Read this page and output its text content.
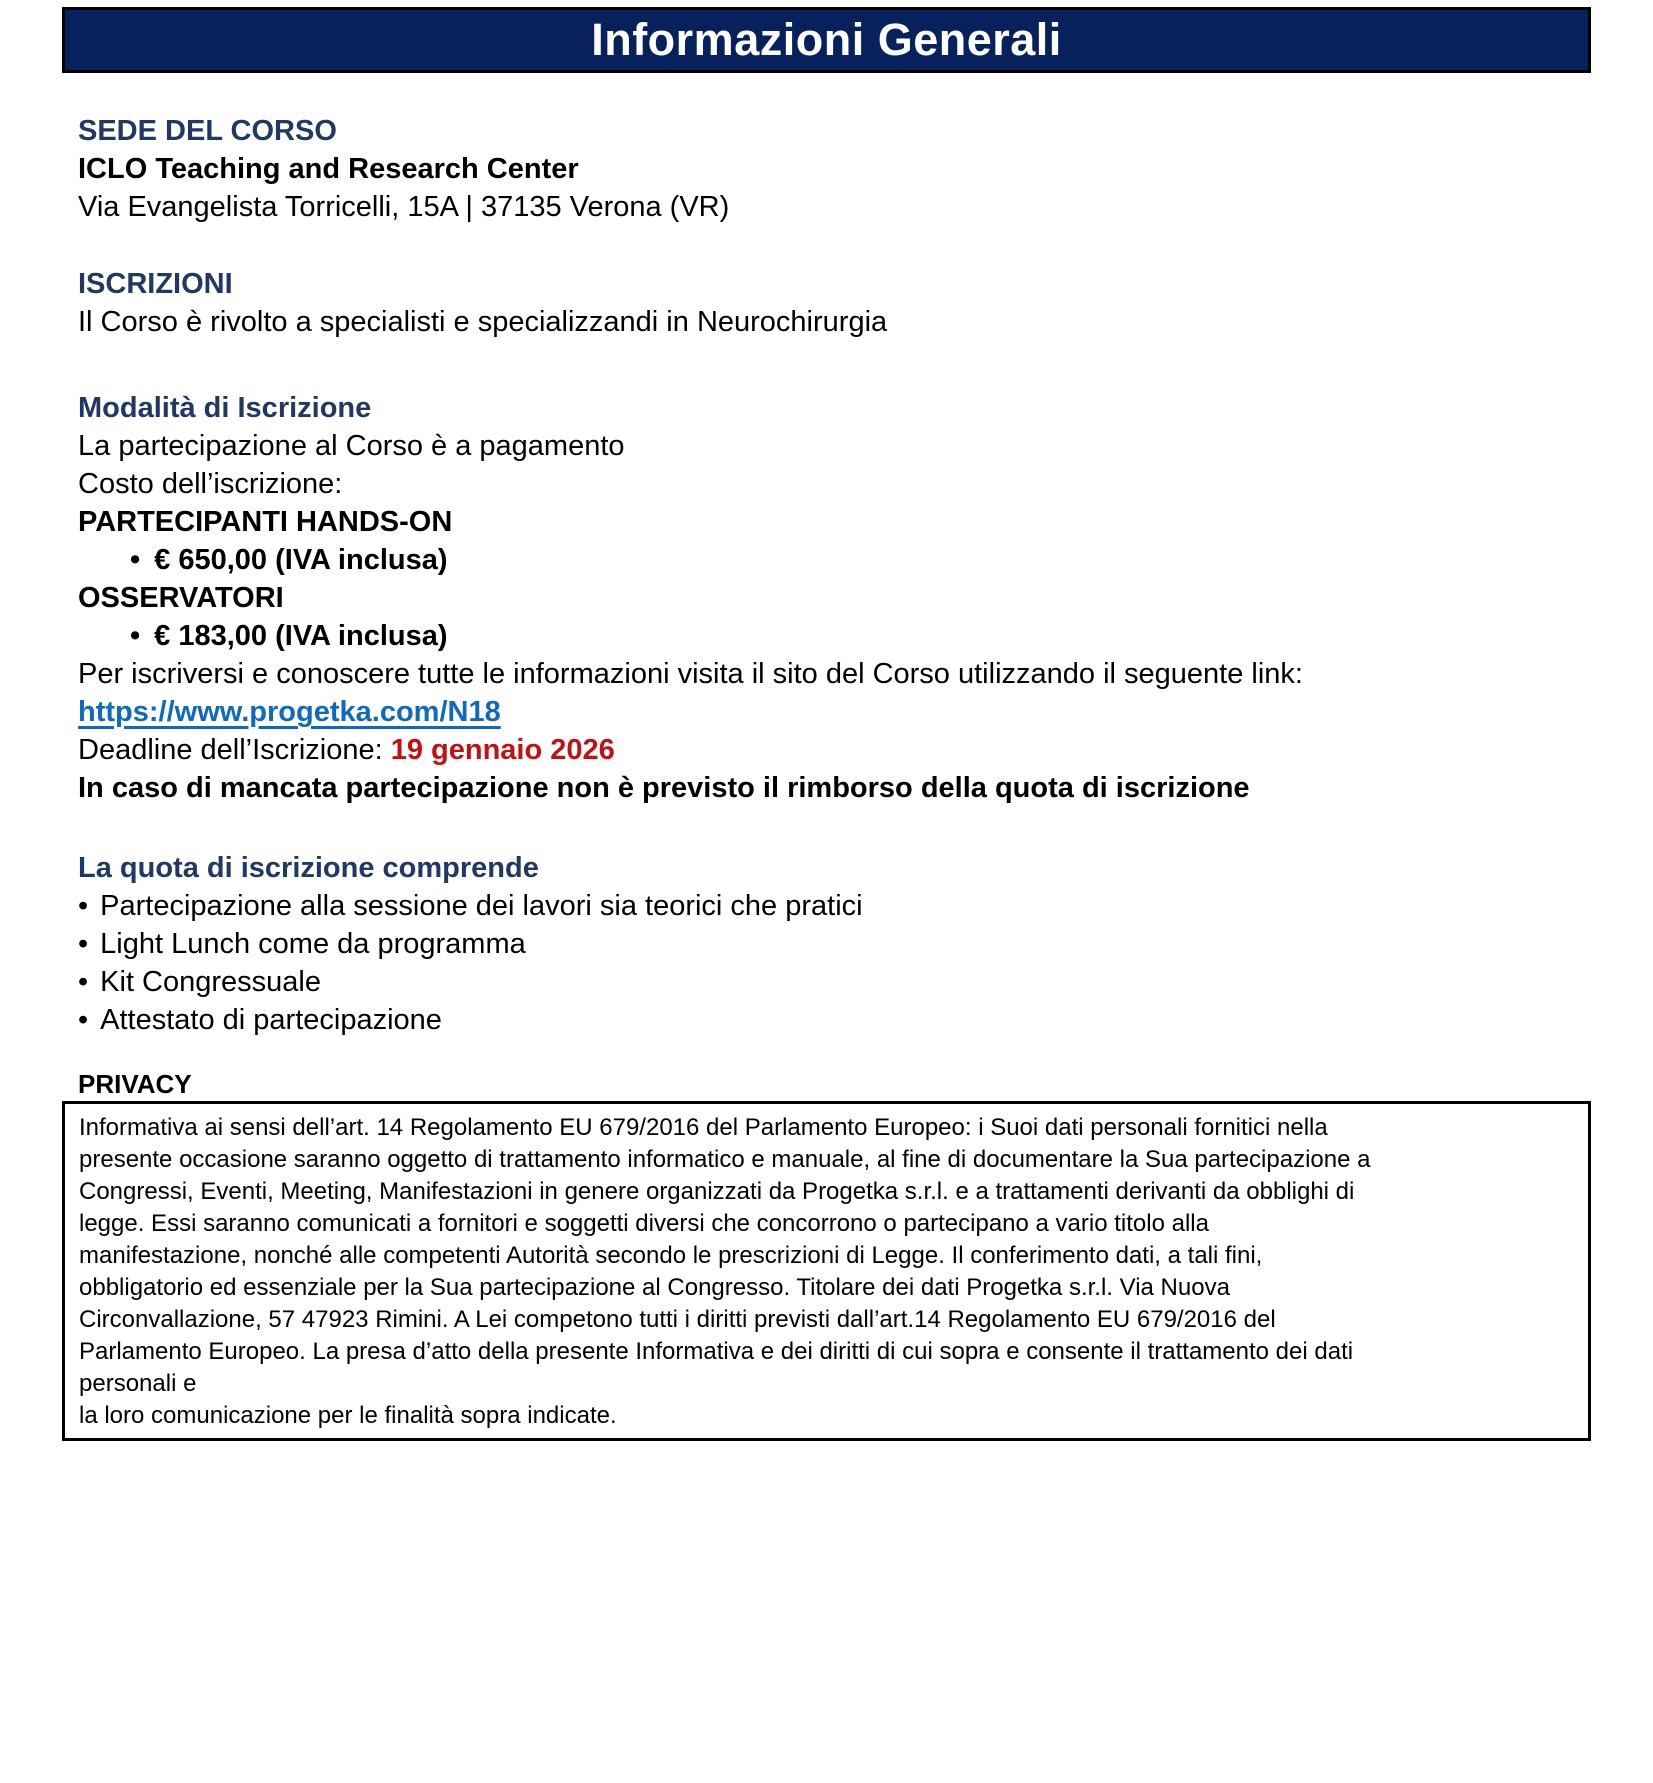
Informazioni Generali
SEDE DEL CORSO
ICLO Teaching and Research Center
Via Evangelista Torricelli, 15A | 37135 Verona (VR)
ISCRIZIONI
Il Corso è rivolto a specialisti e specializzandi in Neurochirurgia
Modalità di Iscrizione
La partecipazione al Corso è a pagamento
Costo dell’iscrizione:
PARTECIPANTI HANDS-ON
• € 650,00 (IVA inclusa)
OSSERVATORI
• € 183,00 (IVA inclusa)
Per iscriversi e conoscere tutte le informazioni visita il sito del Corso utilizzando il seguente link:
https://www.progetka.com/N18
Deadline dell’Iscrizione: 19 gennaio 2026
In caso di mancata partecipazione non è previsto il rimborso della quota di iscrizione
La quota di iscrizione comprende
• Partecipazione alla sessione dei lavori sia teorici che pratici
• Light Lunch come da programma
• Kit Congressuale
• Attestato di partecipazione
PRIVACY
Informativa ai sensi dell’art. 14 Regolamento EU 679/2016 del Parlamento Europeo: i Suoi dati personali fornitici nella
presente occasione saranno oggetto di trattamento informatico e manuale, al fine di documentare la Sua partecipazione a
Congressi, Eventi, Meeting, Manifestazioni in genere organizzati da Progetka s.r.l. e a trattamenti derivanti da obblighi di
legge. Essi saranno comunicati a fornitori e soggetti diversi che concorrono o partecipano a vario titolo alla
manifestazione, nonché alle competenti Autorità secondo le prescrizioni di Legge. Il conferimento dati, a tali fini,
obbligatorio ed essenziale per la Sua partecipazione al Congresso. Titolare dei dati Progetka s.r.l. Via Nuova
Circonvallazione, 57 47923 Rimini. A Lei competono tutti i diritti previsti dall’art.14 Regolamento EU 679/2016 del
Parlamento Europeo. La presa d’atto della presente Informativa e dei diritti di cui sopra e consente il trattamento dei dati
personali e
la loro comunicazione per le finalità sopra indicate.
